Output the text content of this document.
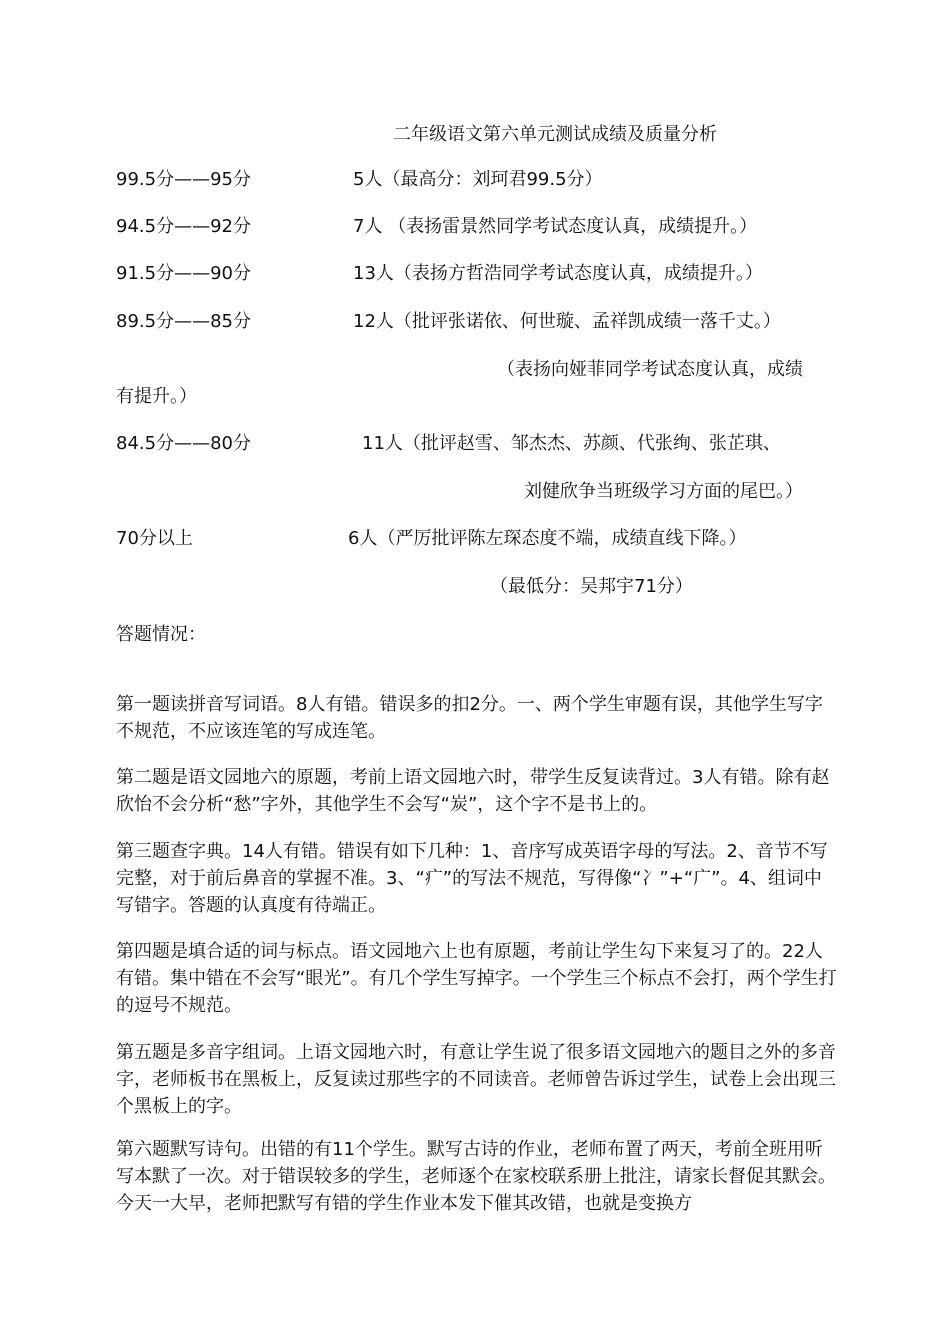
二年级语文第六单元测试成绩及质量分析
99.5分——95分	5人（最高分：刘珂君99.5分）
94.5分——92分	7人 （表扬雷景然同学考试态度认真，成绩提升。）
91.5分——90分	13人（表扬方哲浩同学考试态度认真，成绩提升。）
89.5分——85分	12人（批评张诺依、何世璇、孟祥凯成绩一落千丈。）
（表扬向娅菲同学考试态度认真，成绩
有提升。）
84.5分——80分	11人（批评赵雪、邹杰杰、苏颜、代张绚、张芷琪、
刘健欣争当班级学习方面的尾巴。）
70分以上	6人（严厉批评陈左琛态度不端，成绩直线下降。）
（最低分：吴邦宇71分）
答题情况：
第一题读拼音写词语。8人有错。错误多的扣2分。一、两个学生审题有误，其他学生写字不规范，不应该连笔的写成连笔。
第二题是语文园地六的原题，考前上语文园地六时，带学生反复读背过。3人有错。除有赵欣怡不会分析“愁”字外，其他学生不会写“炭”，这个字不是书上的。
第三题查字典。14人有错。错误有如下几种：1、音序写成英语字母的写法。2、音节不写完整，对于前后鼻音的掌握不准。3、“疒”的写法不规范，写得像“冫”+“广”。4、组词中写错字。答题的认真度有待端正。
第四题是填合适的词与标点。语文园地六上也有原题，考前让学生勾下来复习了的。22人有错。集中错在不会写“眼光”。有几个学生写掉字。一个学生三个标点不会打，两个学生打的逗号不规范。
第五题是多音字组词。上语文园地六时，有意让学生说了很多语文园地六的题目之外的多音字，老师板书在黑板上，反复读过那些字的不同读音。老师曾告诉过学生，试卷上会出现三个黑板上的字。
第六题默写诗句。出错的有11个学生。默写古诗的作业，老师布置了两天，考前全班用听写本默了一次。对于错误较多的学生，老师逐个在家校联系册上批注，请家长督促其默会。今天一大早，老师把默写有错的学生作业本发下催其改错，也就是变换方
